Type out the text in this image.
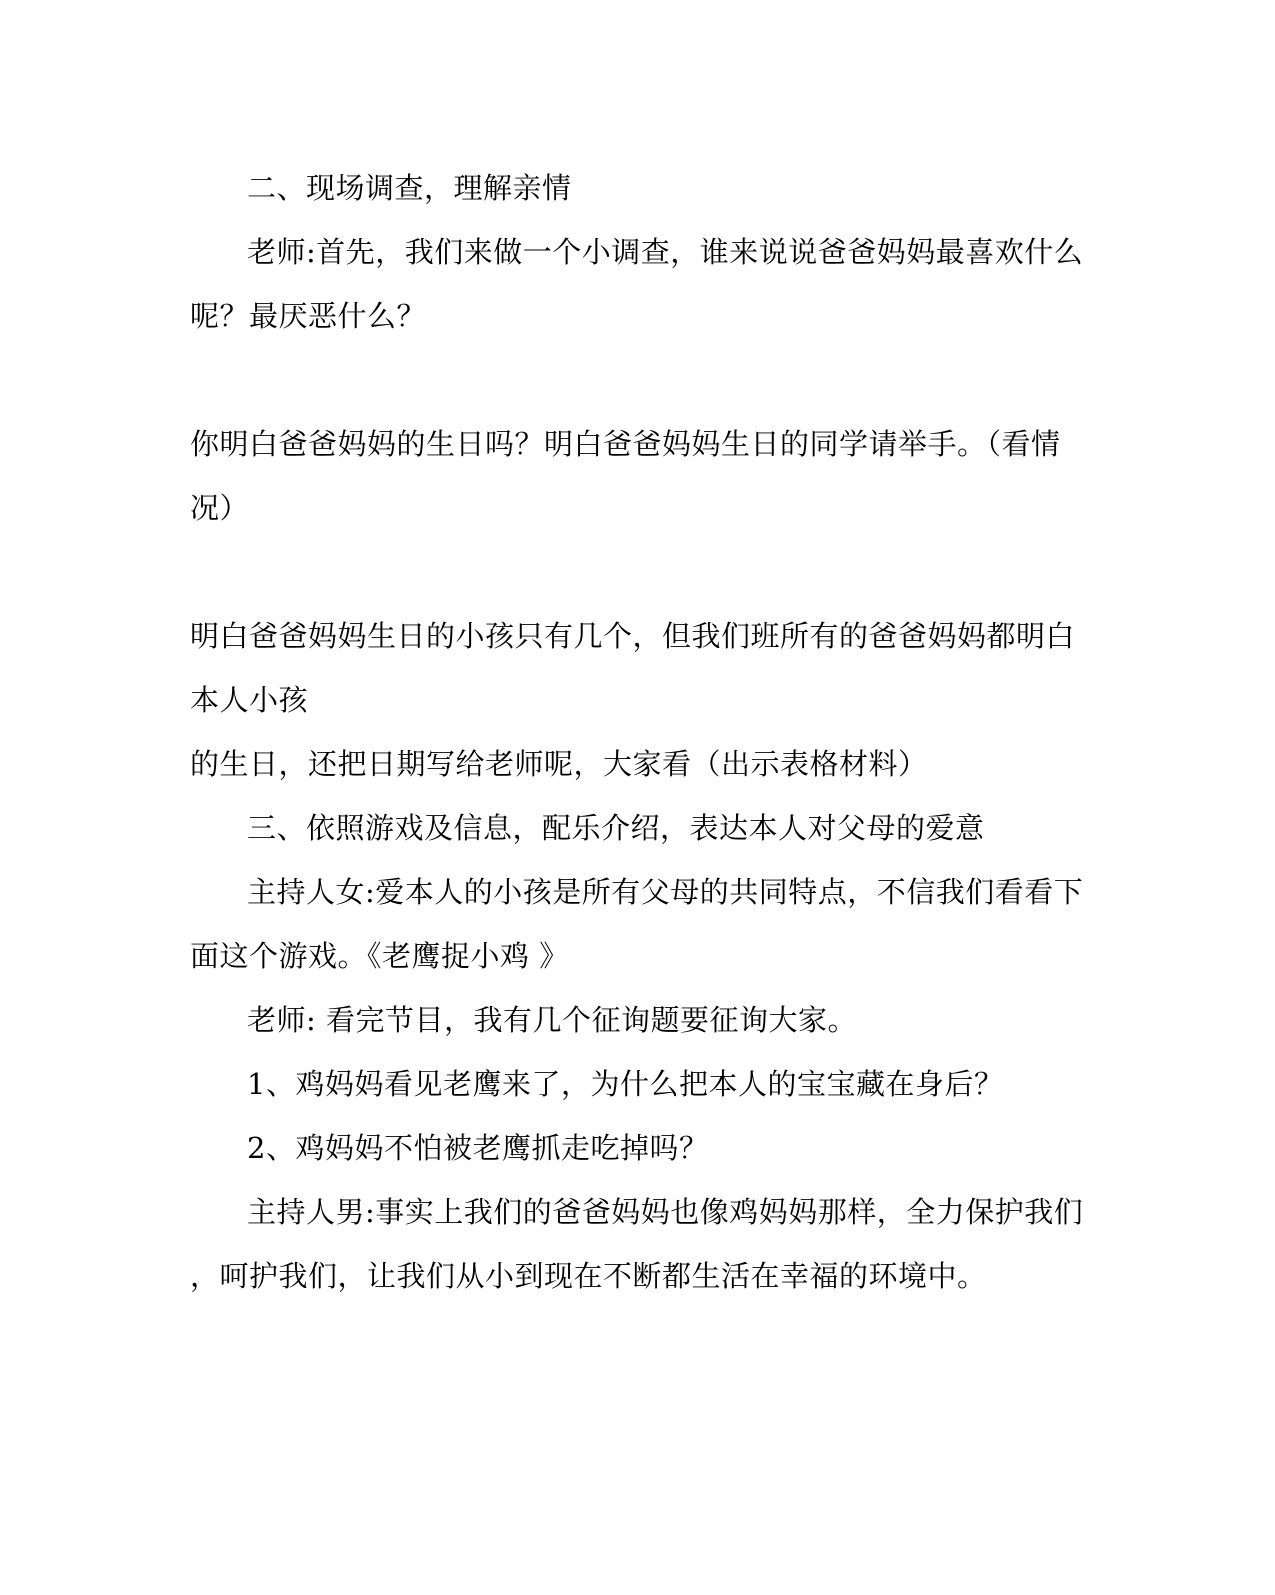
二、现场调查，理解亲情
老师:首先，我们来做一个小调查，谁来说说爸爸妈妈最喜欢什么
呢？最厌恶什么？
你明白爸爸妈妈的生日吗？明白爸爸妈妈生日的同学请举手。（看情
况）
明白爸爸妈妈生日的小孩只有几个，但我们班所有的爸爸妈妈都明白
本人小孩
的生日，还把日期写给老师呢，大家看（出示表格材料）
三、依照游戏及信息，配乐介绍，表达本人对父母的爱意
主持人女:爱本人的小孩是所有父母的共同特点，不信我们看看下
面这个游戏。《老鹰捉小鸡 》
老师: 看完节目，我有几个征询题要征询大家。
1、鸡妈妈看见老鹰来了，为什么把本人的宝宝藏在身后？
2、鸡妈妈不怕被老鹰抓走吃掉吗？
主持人男:事实上我们的爸爸妈妈也像鸡妈妈那样，全力保护我们
，呵护我们，让我们从小到现在不断都生活在幸福的环境中。
